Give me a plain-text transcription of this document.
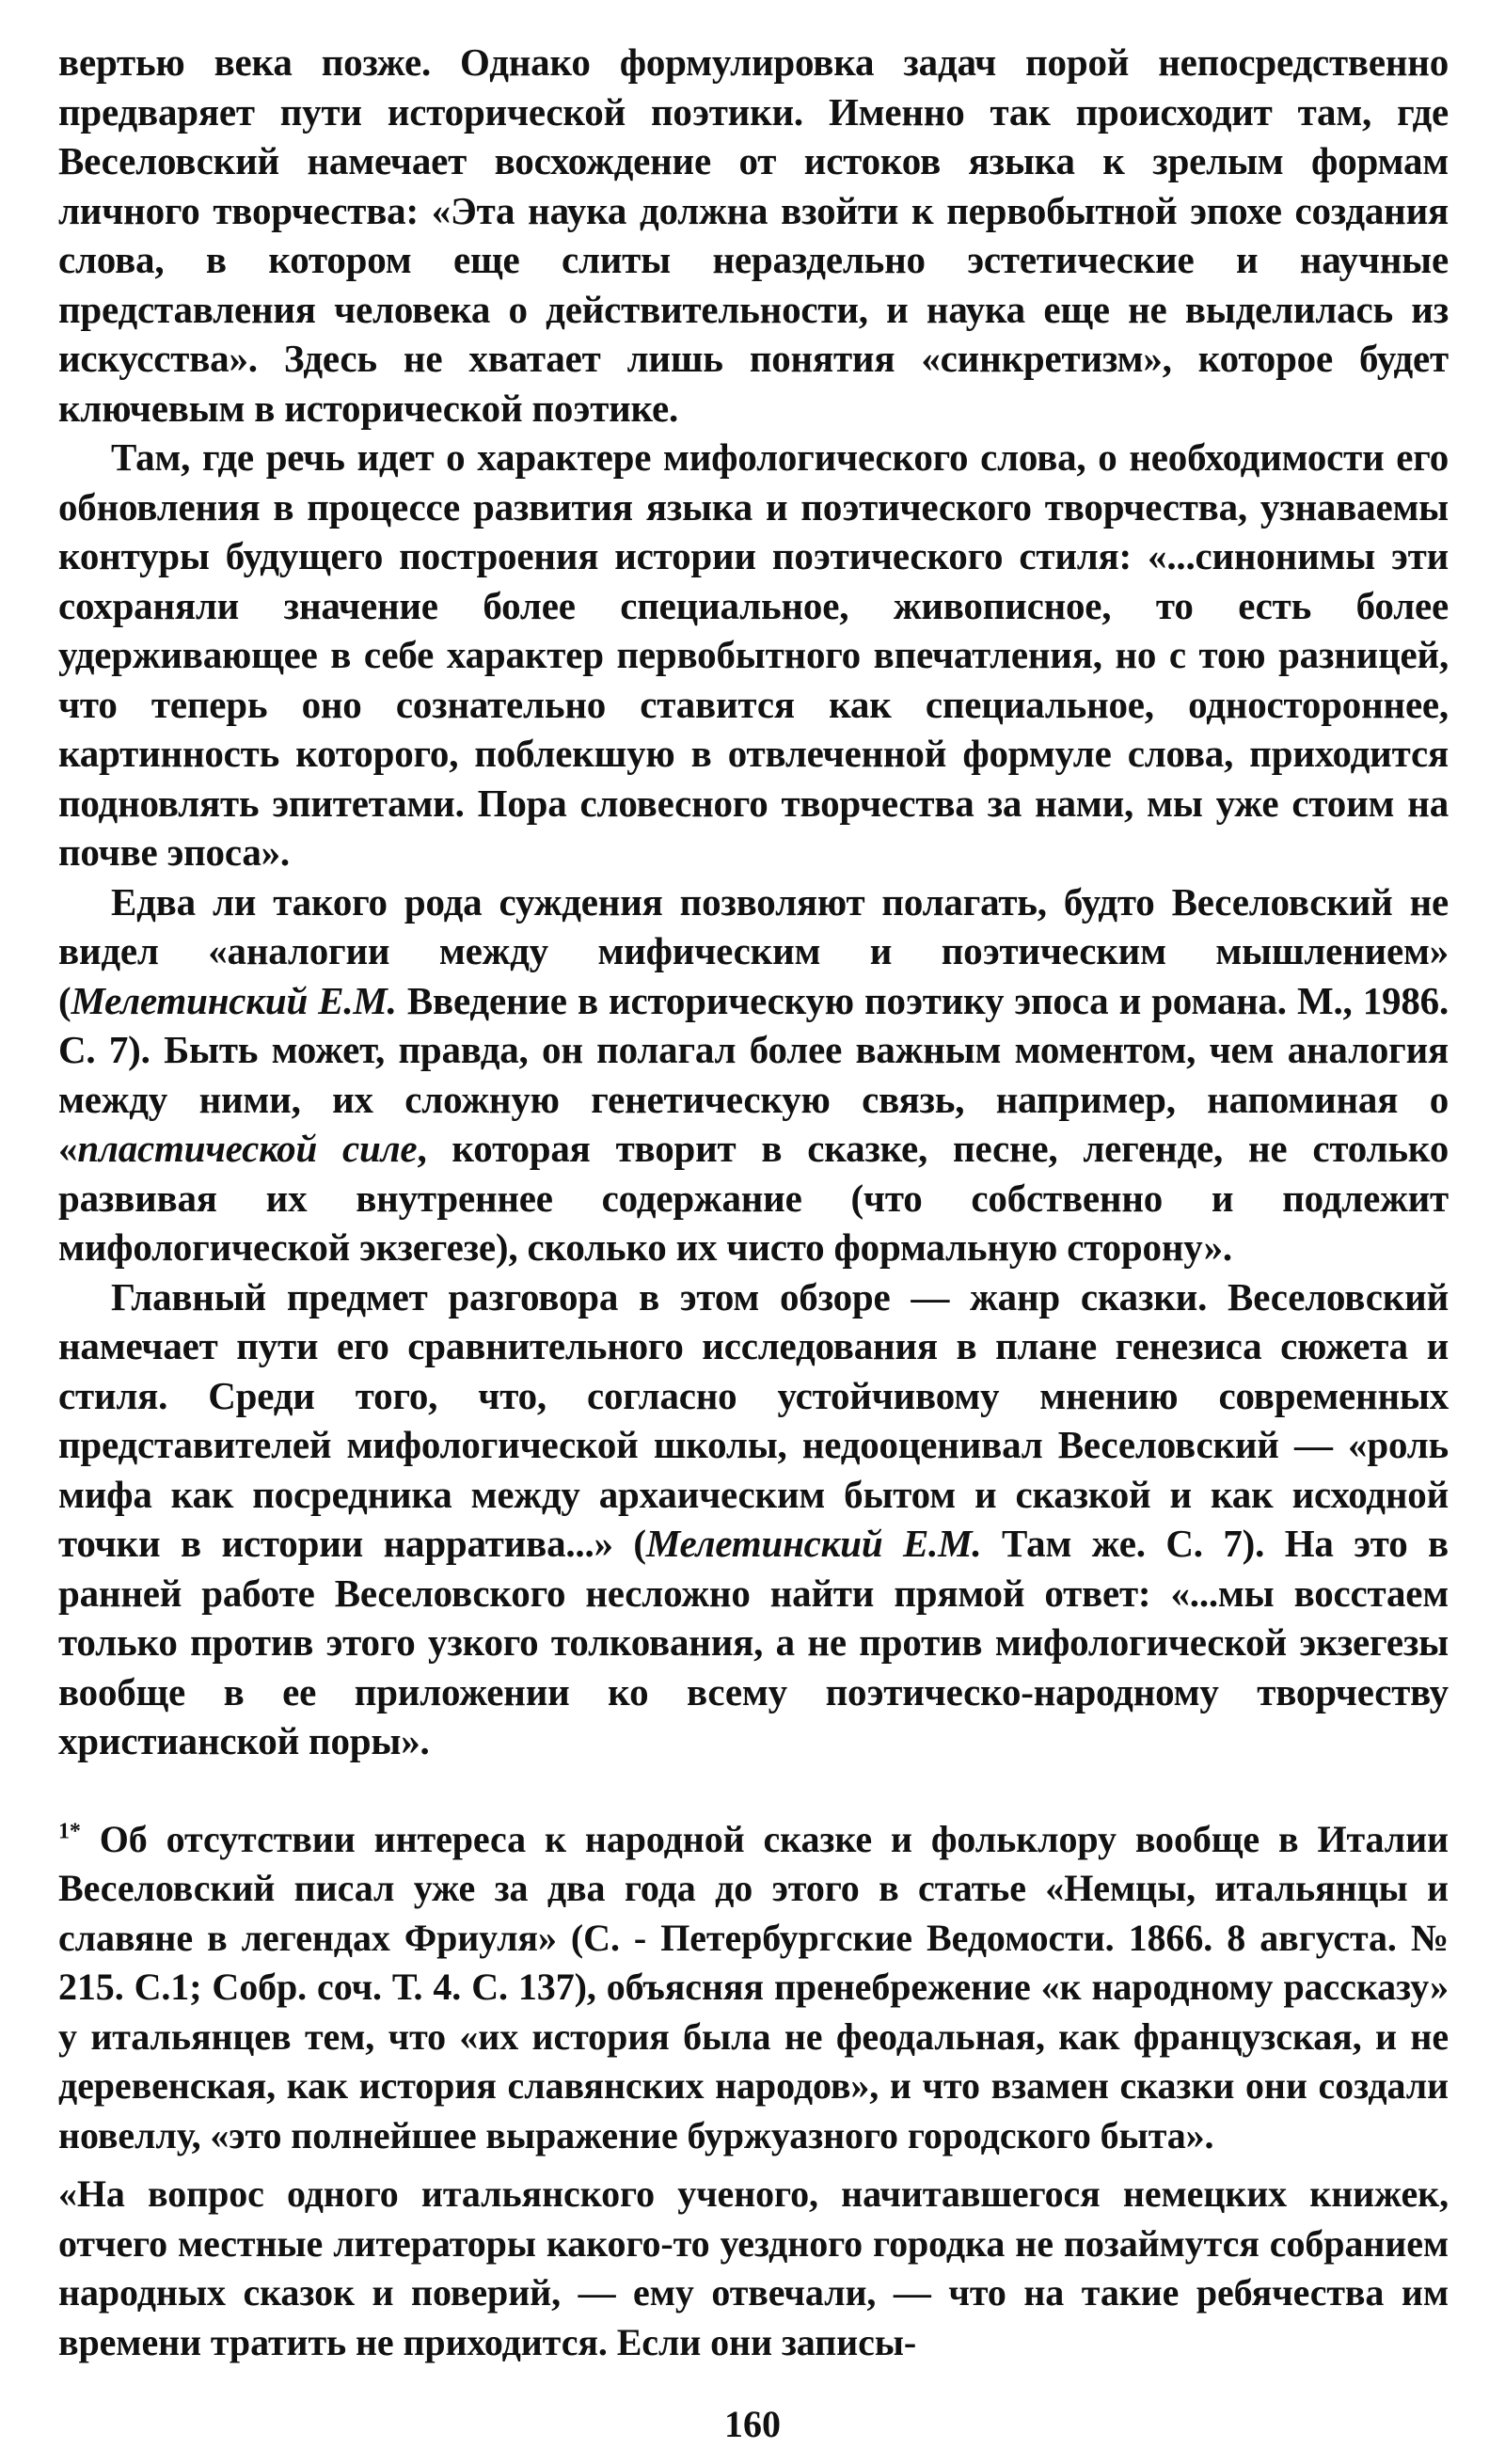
вертью века позже. Однако формулировка задач порой непосредственно предваряет пути исторической поэтики. Именно так происходит там, где Веселовский намечает восхождение от истоков языка к зрелым формам личного творчества: «Эта наука должна взойти к первобытной эпохе создания слова, в котором еще слиты нераздельно эстетические и научные представления человека о действительности, и наука еще не выделилась из искусства». Здесь не хватает лишь понятия «синкретизм», которое будет ключевым в исторической поэтике.

Там, где речь идет о характере мифологического слова, о необходимости его обновления в процессе развития языка и поэтического творчества, узнаваемы контуры будущего построения истории поэтического стиля: «...синонимы эти сохраняли значение более специальное, живописное, то есть более удерживающее в себе характер первобытного впечатления, но с тою разницей, что теперь оно сознательно ставится как специальное, одностороннее, картинность которого, поблекшую в отвлеченной формуле слова, приходится подновлять эпитетами. Пора словесного творчества за нами, мы уже стоим на почве эпоса».

Едва ли такого рода суждения позволяют полагать, будто Веселовский не видел «аналогии между мифическим и поэтическим мышлением» (Мелетинский Е.М. Введение в историческую поэтику эпоса и романа. М., 1986. С. 7). Быть может, правда, он полагал более важным моментом, чем аналогия между ними, их сложную генетическую связь, например, напоминая о «пластической силе, которая творит в сказке, песне, легенде, не столько развивая их внутреннее содержание (что собственно и подлежит мифологической экзегезе), сколько их чисто формальную сторону».

Главный предмет разговора в этом обзоре — жанр сказки. Веселовский намечает пути его сравнительного исследования в плане генезиса сюжета и стиля. Среди того, что, согласно устойчивому мнению современных представителей мифологической школы, недооценивал Веселовский — «роль мифа как посредника между архаическим бытом и сказкой и как исходной точки в истории нарратива...» (Мелетинский Е.М. Там же. С. 7). На это в ранней работе Веселовского несложно найти прямой ответ: «...мы восстаем только против этого узкого толкования, а не против мифологической экзегезы вообще в ее приложении ко всему поэтическо-народному творчеству христианской поры».

$^{1*}$ Об отсутствии интереса к народной сказке и фольклору вообще в Италии Веселовский писал уже за два года до этого в статье «Немцы, итальянцы и славяне в легендах Фриуля» (С. - Петербургские Ведомости. 1866. 8 августа. № 215. С.1; Собр. соч. Т. 4. С. 137), объясняя пренебрежение «к народному рассказу» у итальянцев тем, что «их история была не феодальная, как французская, и не деревенская, как история славянских народов», и что взамен сказки они создали новеллу, «это полнейшее выражение буржуазного городского быта».

«На вопрос одного итальянского ученого, начитавшегося немецких книжек, отчего местные литераторы какого-то уездного городка не позаймутся собранием народных сказок и поверий, — ему отвечали, — что на такие ребячества им времени тратить не приходится. Если они записы-

160
